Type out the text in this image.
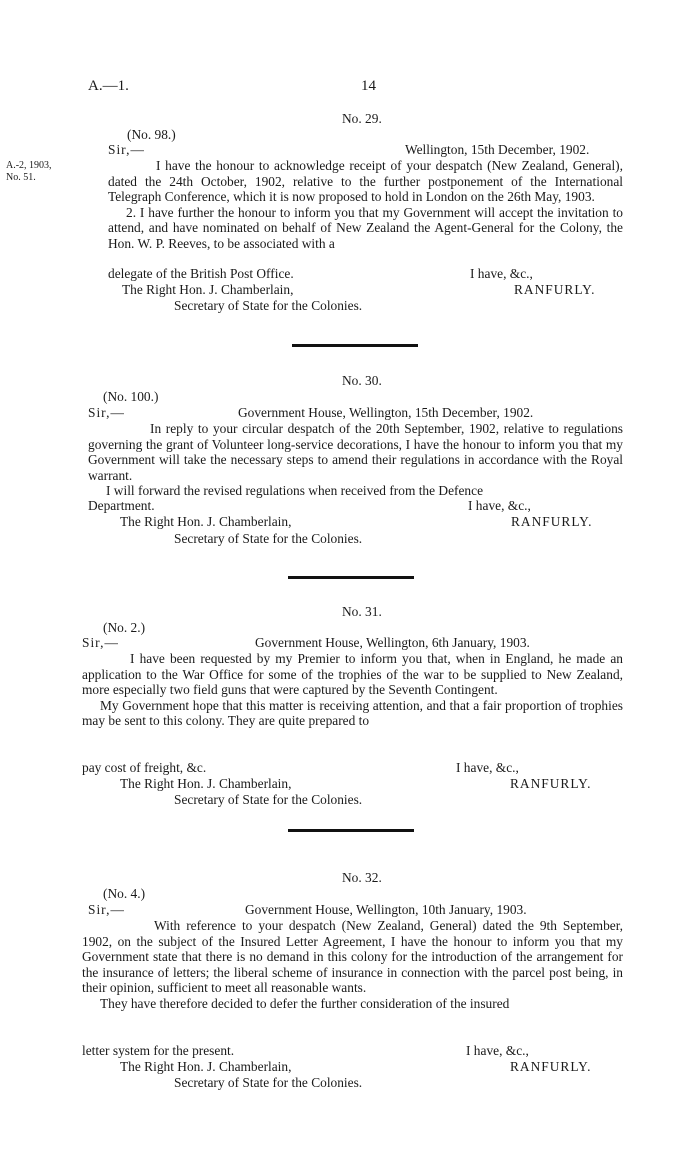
A.—1.	14
No. 29.
(No. 98.)
Sir,—	Wellington, 15th December, 1902.
A.-2, 1903,
No. 51.

I have the honour to acknowledge receipt of your despatch (New Zealand, General), dated the 24th October, 1902, relative to the further postponement of the International Telegraph Conference, which it is now proposed to hold in London on the 26th May, 1903.

2. I have further the honour to inform you that my Government will accept the invitation to attend, and have nominated on behalf of New Zealand the Agent-General for the Colony, the Hon. W. P. Reeves, to be associated with a

delegate of the British Post Office.	I have, &c.,
The Right Hon. J. Chamberlain,	RANFURLY.
Secretary of State for the Colonies.
No. 30.
(No. 100.)
Sir,—	Government House, Wellington, 15th December, 1902.

In reply to your circular despatch of the 20th September, 1902, relative to regulations governing the grant of Volunteer long-service decorations, I have the honour to inform you that my Government will take the necessary steps to amend their regulations in accordance with the Royal warrant.

I will forward the revised regulations when received from the Defence

Department.	I have, &c.,
The Right Hon. J. Chamberlain,	RANFURLY.
Secretary of State for the Colonies.
No. 31.
(No. 2.)
Sir,—	Government House, Wellington, 6th January, 1903.

I have been requested by my Premier to inform you that, when in England, he made an application to the War Office for some of the trophies of the war to be supplied to New Zealand, more especially two field guns that were captured by the Seventh Contingent.

My Government hope that this matter is receiving attention, and that a fair proportion of trophies may be sent to this colony. They are quite prepared to

pay cost of freight, &c.	I have, &c.,
The Right Hon. J. Chamberlain,	RANFURLY.
Secretary of State for the Colonies.
No. 32.
(No. 4.)
Sir,—	Government House, Wellington, 10th January, 1903.

With reference to your despatch (New Zealand, General) dated the 9th September, 1902, on the subject of the Insured Letter Agreement, I have the honour to inform you that my Government state that there is no demand in this colony for the introduction of the arrangement for the insurance of letters; the liberal scheme of insurance in connection with the parcel post being, in their opinion, sufficient to meet all reasonable wants.

They have therefore decided to defer the further consideration of the insured

letter system for the present.	I have, &c.,
The Right Hon. J. Chamberlain,	RANFURLY.
Secretary of State for the Colonies.
